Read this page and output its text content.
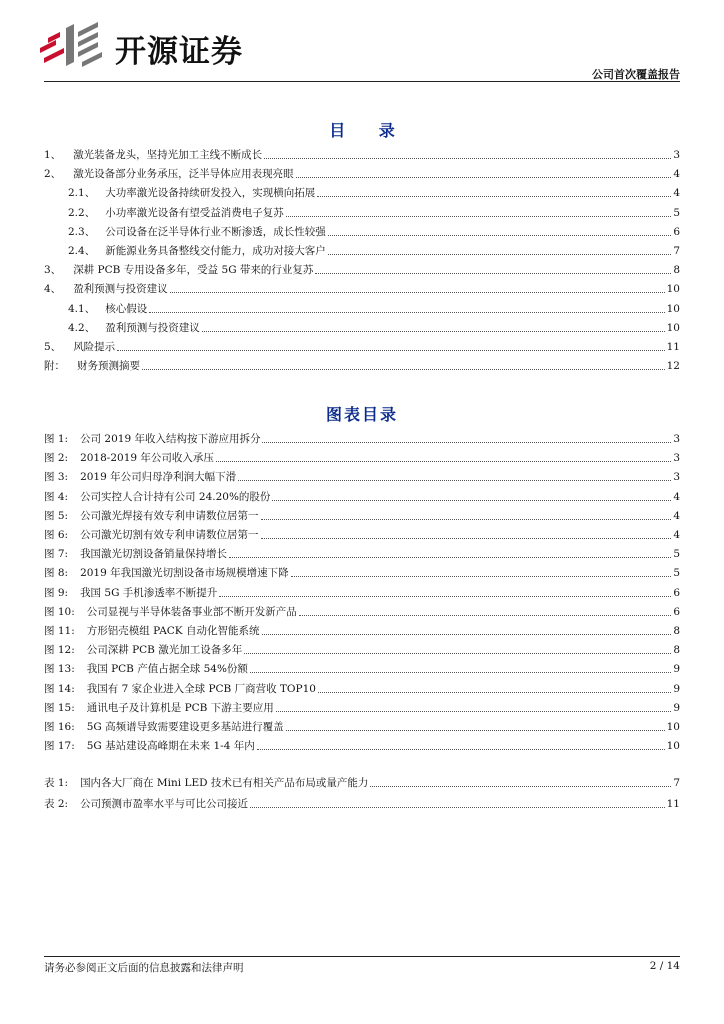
开源证券
公司首次覆盖报告
目 录
1、 激光装备龙头，坚持光加工主线不断成长	3
2、 激光设备部分业务承压，泛半导体应用表现亮眼	4
2.1、 大功率激光设备持续研发投入，实现横向拓展	4
2.2、 小功率激光设备有望受益消费电子复苏	5
2.3、 公司设备在泛半导体行业不断渗透，成长性较强	6
2.4、 新能源业务具备整线交付能力，成功对接大客户	7
3、 深耕 PCB 专用设备多年，受益 5G 带来的行业复苏	8
4、 盈利预测与投资建议	10
4.1、 核心假设	10
4.2、 盈利预测与投资建议	10
5、 风险提示	11
附： 财务预测摘要	12
图表目录
图 1: 公司 2019 年收入结构按下游应用拆分	3
图 2: 2018-2019 年公司收入承压	3
图 3: 2019 年公司归母净利润大幅下滑	3
图 4: 公司实控人合计持有公司 24.20%的股份	4
图 5: 公司激光焊接有效专利申请数位居第一	4
图 6: 公司激光切割有效专利申请数位居第一	4
图 7: 我国激光切割设备销量保持增长	5
图 8: 2019 年我国激光切割设备市场规模增速下降	5
图 9: 我国 5G 手机渗透率不断提升	6
图 10: 公司显视与半导体装备事业部不断开发新产品	6
图 11: 方形铝壳模组 PACK 自动化智能系统	8
图 12: 公司深耕 PCB 激光加工设备多年	8
图 13: 我国 PCB 产值占据全球 54%份额	9
图 14: 我国有 7 家企业进入全球 PCB 厂商营收 TOP10	9
图 15: 通讯电子及计算机是 PCB 下游主要应用	9
图 16: 5G 高频谱导致需要建设更多基站进行覆盖	10
图 17: 5G 基站建设高峰期在未来 1-4 年内	10
表 1: 国内各大厂商在 Mini LED 技术已有相关产品布局或量产能力	7
表 2: 公司预测市盈率水平与可比公司接近	11
请务必参阅正文后面的信息披露和法律声明	2 / 14
